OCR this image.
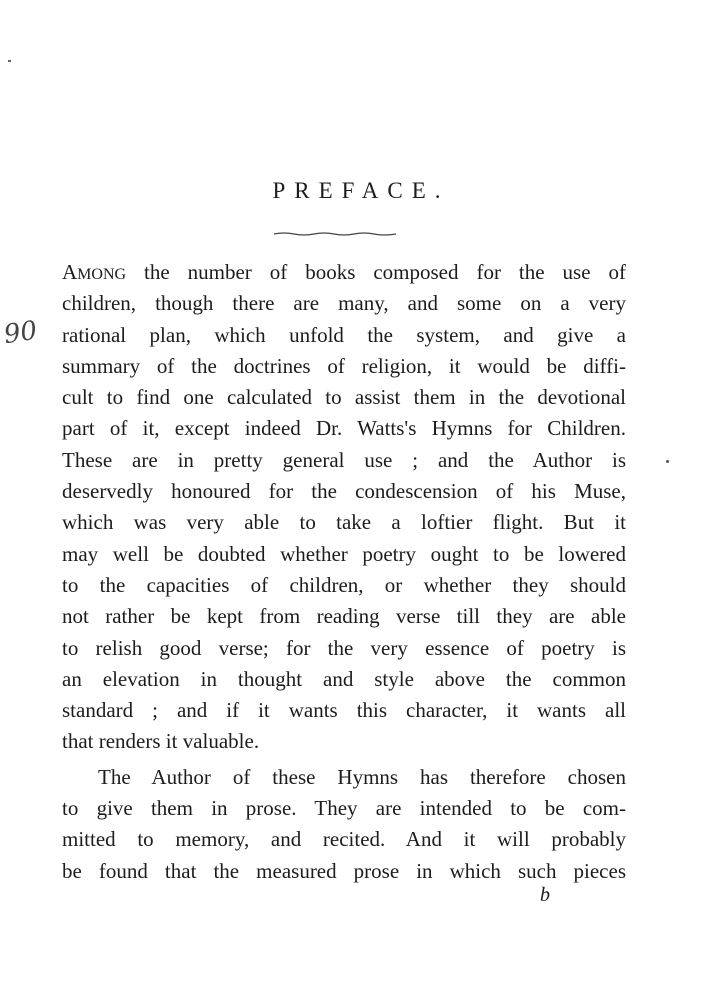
PREFACE.
90
AMONG the number of books composed for the use of
children, though there are many, and some on a very
rational plan, which unfold the system, and give a
summary of the doctrines of religion, it would be diffi-
cult to find one calculated to assist them in the devotional
part of it, except indeed Dr. Watts's Hymns for Children.
These are in pretty general use ; and the Author is
deservedly honoured for the condescension of his Muse,
which was very able to take a loftier flight. But it
may well be doubted whether poetry ought to be lowered
to the capacities of children, or whether they should
not rather be kept from reading verse till they are able
to relish good verse; for the very essence of poetry is
an elevation in thought and style above the common
standard ; and if it wants this character, it wants all
that renders it valuable.
The Author of these Hymns has therefore chosen
to give them in prose. They are intended to be com-
mitted to memory, and recited. And it will probably
be found that the measured prose in which such pieces
b
